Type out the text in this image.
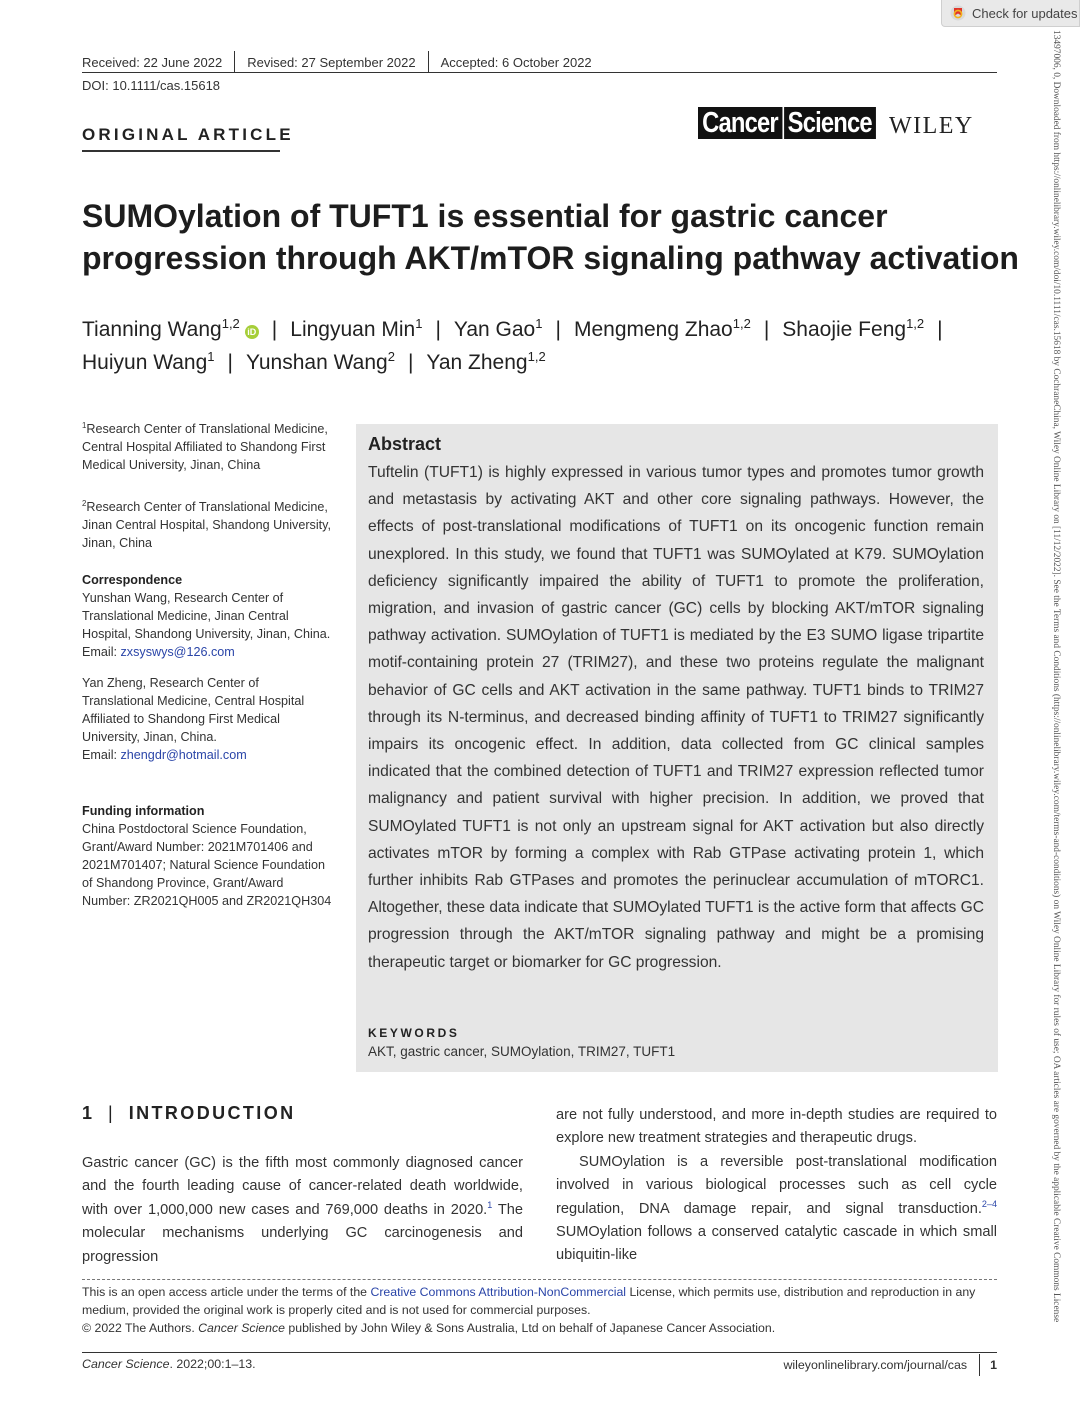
Check for updates
Received: 22 June 2022 Revised: 27 September 2022 Accepted: 6 October 2022
DOI: 10.1111/cas.15618
ORIGINAL ARTICLE	Cancer Science WILEY
SUMOylation of TUFT1 is essential for gastric cancer
progression through AKT/mTOR signaling pathway activation
Tianning Wang$^{1,2}$iD | Lingyuan Min$^1$ | Yan Gao$^1$ | Mengmeng Zhao$^{1,2}$ | Shaojie Feng$^{1,2}$ |
Huiyun Wang$^1$ | Yunshan Wang$^2$ | Yan Zheng$^{1,2}$
$^1$Research Center of Translational Medicine, Central Hospital Affiliated to Shandong First Medical University, Jinan, China
$^2$Research Center of Translational Medicine, Jinan Central Hospital, Shandong University, Jinan, China
Correspondence
Yunshan Wang, Research Center of Translational Medicine, Jinan Central Hospital, Shandong University, Jinan, China.
Email: zxsyswys@126.com
Yan Zheng, Research Center of Translational Medicine, Central Hospital Affiliated to Shandong First Medical University, Jinan, China.
Email: zhengdr@hotmail.com
Funding information
China Postdoctoral Science Foundation, Grant/Award Number: 2021M701406 and 2021M701407; Natural Science Foundation of Shandong Province, Grant/Award Number: ZR2021QH005 and ZR2021QH304
Abstract
Tuftelin (TUFT1) is highly expressed in various tumor types and promotes tumor growth and metastasis by activating AKT and other core signaling pathways. However, the effects of post-translational modifications of TUFT1 on its oncogenic function remain unexplored. In this study, we found that TUFT1 was SUMOylated at K79. SUMOylation deficiency significantly impaired the ability of TUFT1 to promote the proliferation, migration, and invasion of gastric cancer (GC) cells by blocking AKT/mTOR signaling pathway activation. SUMOylation of TUFT1 is mediated by the E3 SUMO ligase tripartite motif-containing protein 27 (TRIM27), and these two proteins regulate the malignant behavior of GC cells and AKT activation in the same pathway. TUFT1 binds to TRIM27 through its N-terminus, and decreased binding affinity of TUFT1 to TRIM27 significantly impairs its oncogenic effect. In addition, data collected from GC clinical samples indicated that the combined detection of TUFT1 and TRIM27 expression reflected tumor malignancy and patient survival with higher precision. In addition, we proved that SUMOylated TUFT1 is not only an upstream signal for AKT activation but also directly activates mTOR by forming a complex with Rab GTPase activating protein 1, which further inhibits Rab GTPases and promotes the perinuclear accumulation of mTORC1. Altogether, these data indicate that SUMOylated TUFT1 is the active form that affects GC progression through the AKT/mTOR signaling pathway and might be a promising therapeutic target or biomarker for GC progression.
KEYWORDS
AKT, gastric cancer, SUMOylation, TRIM27, TUFT1
1 | INTRODUCTION

Gastric cancer (GC) is the fifth most commonly diagnosed cancer and the fourth leading cause of cancer-related death worldwide, with over 1,000,000 new cases and 769,000 deaths in 2020.$^1$ The molecular mechanisms underlying GC carcinogenesis and progression

are not fully understood, and more in-depth studies are required to explore new treatment strategies and therapeutic drugs.

SUMOylation is a reversible post-translational modification involved in various biological processes such as cell cycle regulation, DNA damage repair, and signal transduction.$^{2-4}$ SUMOylation follows a conserved catalytic cascade in which small ubiquitin-like

This is an open access article under the terms of the Creative Commons Attribution-NonCommercial License, which permits use, distribution and reproduction in any medium, provided the original work is properly cited and is not used for commercial purposes.
© 2022 The Authors. Cancer Science published by John Wiley & Sons Australia, Ltd on behalf of Japanese Cancer Association.
Cancer Science. 2022;00:1–13.	wileyonlinelibrary.com/journal/cas 1
13497006, 0, Downloaded from https://onlinelibrary.wiley.com/doi/10.1111/cas.15618 by CochraneChina, Wiley Online Library on [11/12/2022]. See the Terms and Conditions (https://onlinelibrary.wiley.com/terms-and-conditions) on Wiley Online Library for rules of use; OA articles are governed by the applicable Creative Commons License
